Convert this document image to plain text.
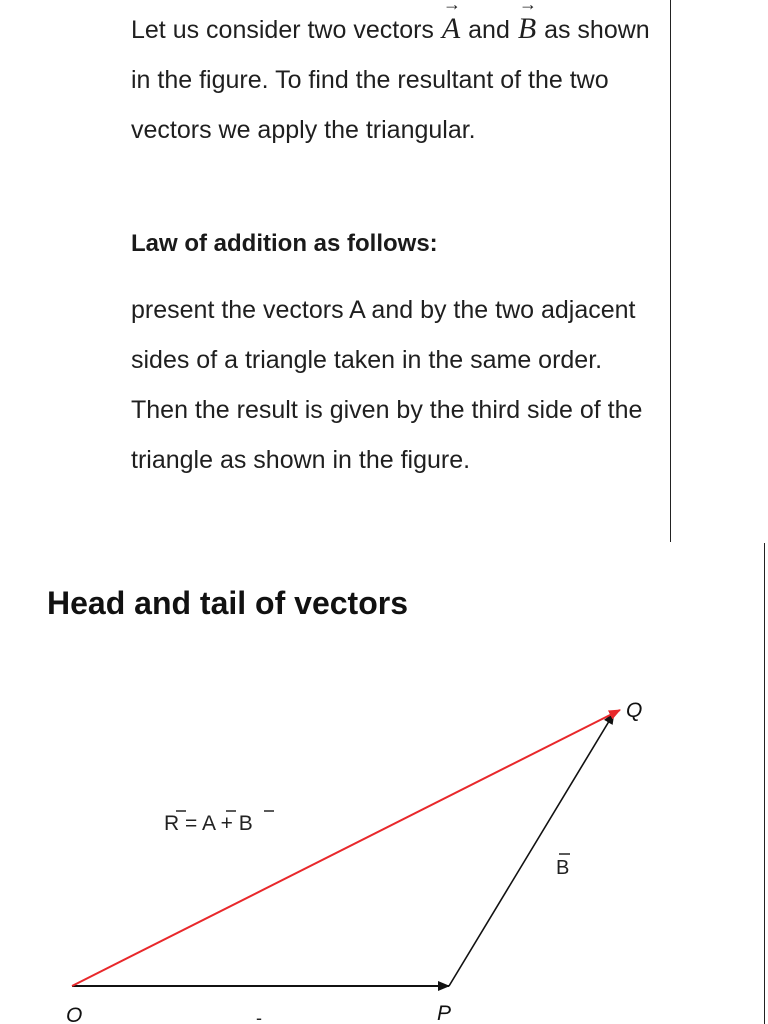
Let us consider two vectors
→
A and
→
B as shown in the figure. To find the resultant of the two vectors we apply the triangular.

Law of addition as follows:

present the vectors A and by the two adjacent sides of a triangle taken in the same order. Then the result is given by the third side of the triangle as shown in the figure.

Head and tail of vectors
R = A + B
B
-
O	P
Q
